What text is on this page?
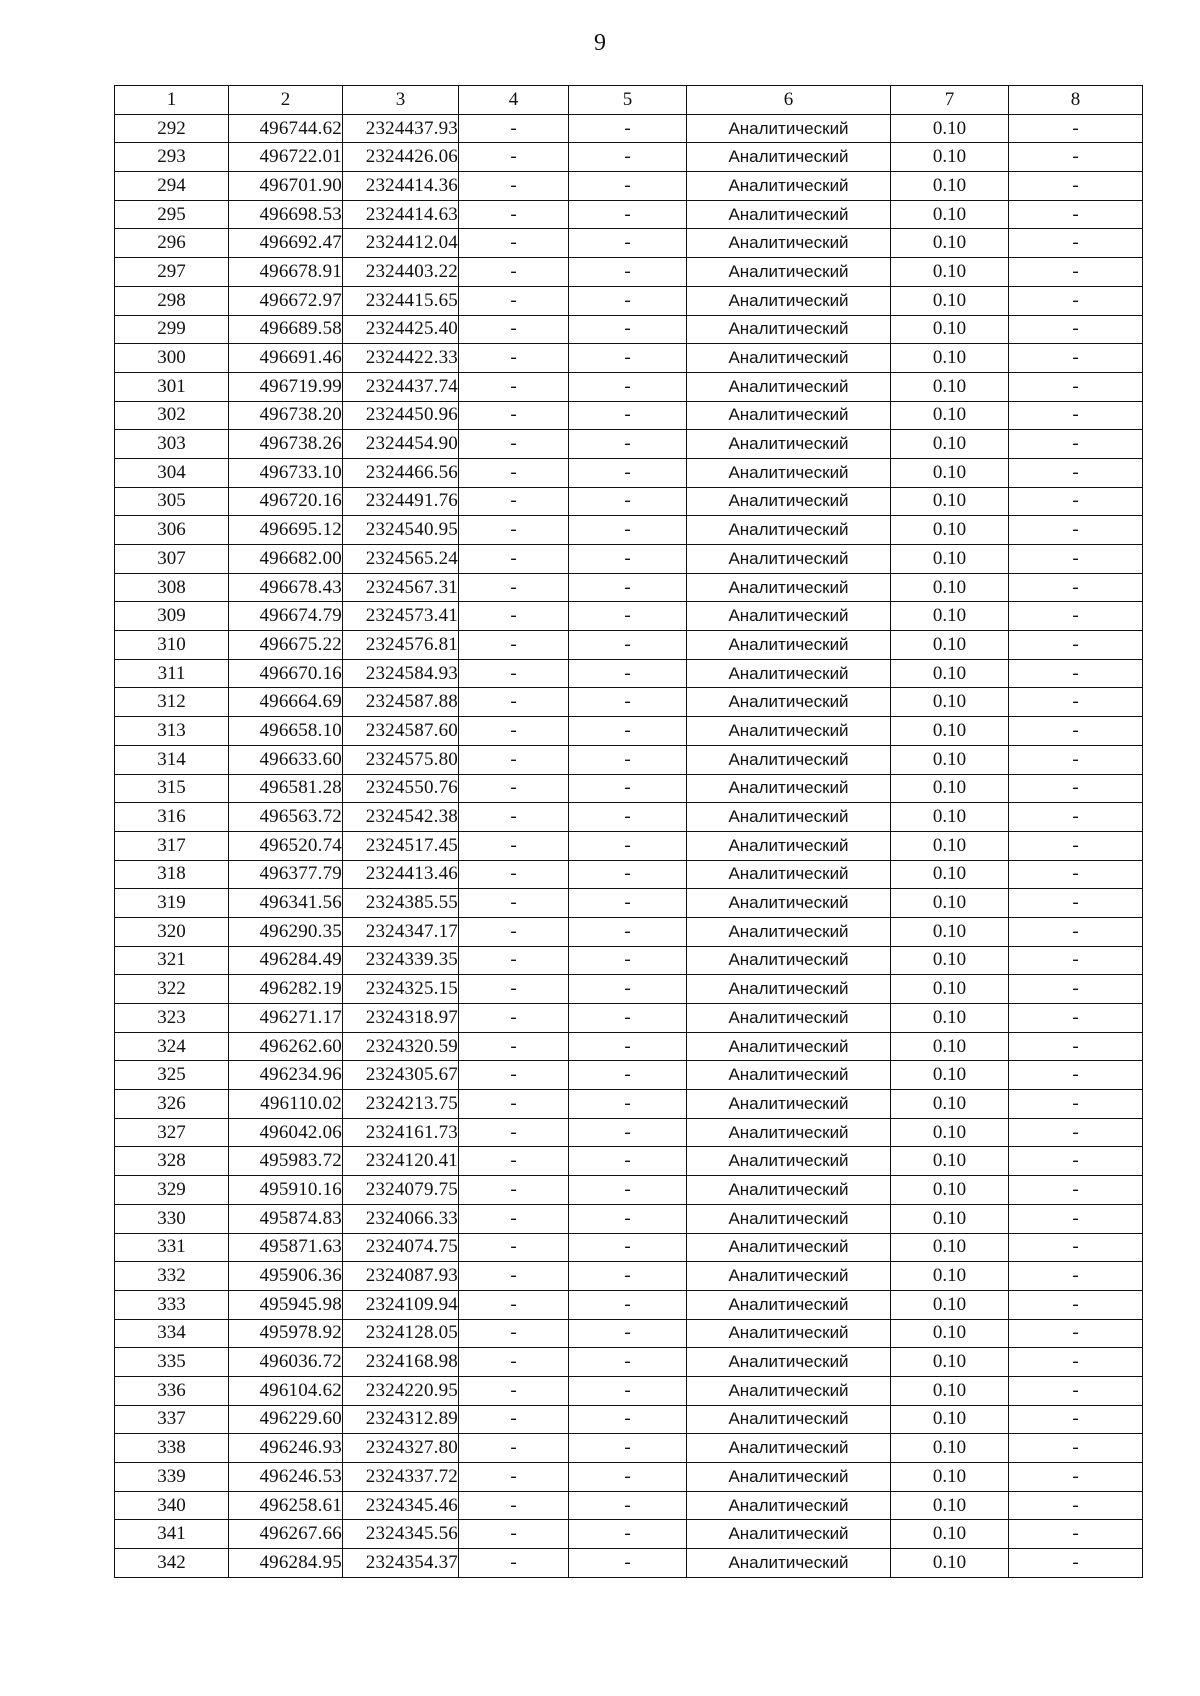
9
1	2	3	4	5	6	7	8
292	496744.62	2324437.93	-	-	Аналитический	0.10	-
293	496722.01	2324426.06	-	-	Аналитический	0.10	-
294	496701.90	2324414.36	-	-	Аналитический	0.10	-
295	496698.53	2324414.63	-	-	Аналитический	0.10	-
296	496692.47	2324412.04	-	-	Аналитический	0.10	-
297	496678.91	2324403.22	-	-	Аналитический	0.10	-
298	496672.97	2324415.65	-	-	Аналитический	0.10	-
299	496689.58	2324425.40	-	-	Аналитический	0.10	-
300	496691.46	2324422.33	-	-	Аналитический	0.10	-
301	496719.99	2324437.74	-	-	Аналитический	0.10	-
302	496738.20	2324450.96	-	-	Аналитический	0.10	-
303	496738.26	2324454.90	-	-	Аналитический	0.10	-
304	496733.10	2324466.56	-	-	Аналитический	0.10	-
305	496720.16	2324491.76	-	-	Аналитический	0.10	-
306	496695.12	2324540.95	-	-	Аналитический	0.10	-
307	496682.00	2324565.24	-	-	Аналитический	0.10	-
308	496678.43	2324567.31	-	-	Аналитический	0.10	-
309	496674.79	2324573.41	-	-	Аналитический	0.10	-
310	496675.22	2324576.81	-	-	Аналитический	0.10	-
311	496670.16	2324584.93	-	-	Аналитический	0.10	-
312	496664.69	2324587.88	-	-	Аналитический	0.10	-
313	496658.10	2324587.60	-	-	Аналитический	0.10	-
314	496633.60	2324575.80	-	-	Аналитический	0.10	-
315	496581.28	2324550.76	-	-	Аналитический	0.10	-
316	496563.72	2324542.38	-	-	Аналитический	0.10	-
317	496520.74	2324517.45	-	-	Аналитический	0.10	-
318	496377.79	2324413.46	-	-	Аналитический	0.10	-
319	496341.56	2324385.55	-	-	Аналитический	0.10	-
320	496290.35	2324347.17	-	-	Аналитический	0.10	-
321	496284.49	2324339.35	-	-	Аналитический	0.10	-
322	496282.19	2324325.15	-	-	Аналитический	0.10	-
323	496271.17	2324318.97	-	-	Аналитический	0.10	-
324	496262.60	2324320.59	-	-	Аналитический	0.10	-
325	496234.96	2324305.67	-	-	Аналитический	0.10	-
326	496110.02	2324213.75	-	-	Аналитический	0.10	-
327	496042.06	2324161.73	-	-	Аналитический	0.10	-
328	495983.72	2324120.41	-	-	Аналитический	0.10	-
329	495910.16	2324079.75	-	-	Аналитический	0.10	-
330	495874.83	2324066.33	-	-	Аналитический	0.10	-
331	495871.63	2324074.75	-	-	Аналитический	0.10	-
332	495906.36	2324087.93	-	-	Аналитический	0.10	-
333	495945.98	2324109.94	-	-	Аналитический	0.10	-
334	495978.92	2324128.05	-	-	Аналитический	0.10	-
335	496036.72	2324168.98	-	-	Аналитический	0.10	-
336	496104.62	2324220.95	-	-	Аналитический	0.10	-
337	496229.60	2324312.89	-	-	Аналитический	0.10	-
338	496246.93	2324327.80	-	-	Аналитический	0.10	-
339	496246.53	2324337.72	-	-	Аналитический	0.10	-
340	496258.61	2324345.46	-	-	Аналитический	0.10	-
341	496267.66	2324345.56	-	-	Аналитический	0.10	-
342	496284.95	2324354.37	-	-	Аналитический	0.10	-
